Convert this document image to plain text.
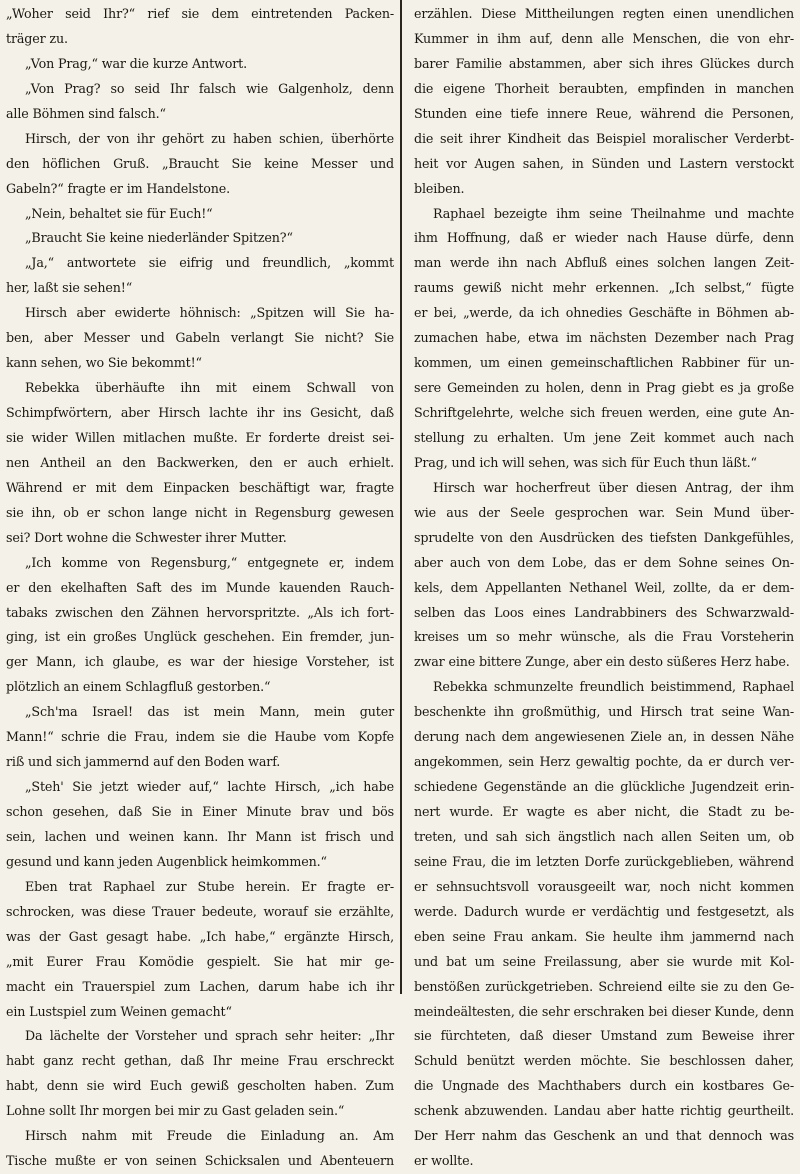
„Woher seid Ihr?“ rief sie dem eintretenden Packen-
träger zu.
„Von Prag,“ war die kurze Antwort.
„Von Prag? so seid Ihr falsch wie Galgenholz, denn
alle Böhmen sind falsch.“
Hirsch, der von ihr gehört zu haben schien, überhörte
den höflichen Gruß. „Braucht Sie keine Messer und
Gabeln?“ fragte er im Handelstone.
„Nein, behaltet sie für Euch!“
„Braucht Sie keine niederländer Spitzen?“
„Ja,“ antwortete sie eifrig und freundlich, „kommt
her, laßt sie sehen!“
Hirsch aber ewiderte höhnisch: „Spitzen will Sie ha-
ben, aber Messer und Gabeln verlangt Sie nicht? Sie
kann sehen, wo Sie bekommt!“
Rebekka überhäufte ihn mit einem Schwall von
Schimpfwörtern, aber Hirsch lachte ihr ins Gesicht, daß
sie wider Willen mitlachen mußte. Er forderte dreist sei-
nen Antheil an den Backwerken, den er auch erhielt.
Während er mit dem Einpacken beschäftigt war, fragte
sie ihn, ob er schon lange nicht in Regensburg gewesen
sei? Dort wohne die Schwester ihrer Mutter.
„Ich komme von Regensburg,“ entgegnete er, indem
er den ekelhaften Saft des im Munde kauenden Rauch-
tabaks zwischen den Zähnen hervorspritzte. „Als ich fort-
ging, ist ein großes Unglück geschehen. Ein fremder, jun-
ger Mann, ich glaube, es war der hiesige Vorsteher, ist
plötzlich an einem Schlagfluß gestorben.“
„Sch'ma Israel! das ist mein Mann, mein guter
Mann!“ schrie die Frau, indem sie die Haube vom Kopfe
riß und sich jammernd auf den Boden warf.
„Steh' Sie jetzt wieder auf,“ lachte Hirsch, „ich habe
schon gesehen, daß Sie in Einer Minute brav und bös
sein, lachen und weinen kann. Ihr Mann ist frisch und
gesund und kann jeden Augenblick heimkommen.“
Eben trat Raphael zur Stube herein. Er fragte er-
schrocken, was diese Trauer bedeute, worauf sie erzählte,
was der Gast gesagt habe. „Ich habe,“ ergänzte Hirsch,
„mit Eurer Frau Komödie gespielt. Sie hat mir ge-
macht ein Trauerspiel zum Lachen, darum habe ich ihr
ein Lustspiel zum Weinen gemacht“
Da lächelte der Vorsteher und sprach sehr heiter: „Ihr
habt ganz recht gethan, daß Ihr meine Frau erschreckt
habt, denn sie wird Euch gewiß gescholten haben. Zum
Lohne sollt Ihr morgen bei mir zu Gast geladen sein.“
Hirsch nahm mit Freude die Einladung an. Am
Tische mußte er von seinen Schicksalen und Abenteuern
erzählen. Diese Mittheilungen regten einen unendlichen
Kummer in ihm auf, denn alle Menschen, die von ehr-
barer Familie abstammen, aber sich ihres Glückes durch
die eigene Thorheit beraubten, empfinden in manchen
Stunden eine tiefe innere Reue, während die Personen,
die seit ihrer Kindheit das Beispiel moralischer Verderbt-
heit vor Augen sahen, in Sünden und Lastern verstockt
bleiben.
Raphael bezeigte ihm seine Theilnahme und machte
ihm Hoffnung, daß er wieder nach Hause dürfe, denn
man werde ihn nach Abfluß eines solchen langen Zeit-
raums gewiß nicht mehr erkennen. „Ich selbst,“ fügte
er bei, „werde, da ich ohnedies Geschäfte in Böhmen ab-
zumachen habe, etwa im nächsten Dezember nach Prag
kommen, um einen gemeinschaftlichen Rabbiner für un-
sere Gemeinden zu holen, denn in Prag giebt es ja große
Schriftgelehrte, welche sich freuen werden, eine gute An-
stellung zu erhalten. Um jene Zeit kommet auch nach
Prag, und ich will sehen, was sich für Euch thun läßt.“
Hirsch war hocherfreut über diesen Antrag, der ihm
wie aus der Seele gesprochen war. Sein Mund über-
sprudelte von den Ausdrücken des tiefsten Dankgefühles,
aber auch von dem Lobe, das er dem Sohne seines On-
kels, dem Appellanten Nethanel Weil, zollte, da er dem-
selben das Loos eines Landrabbiners des Schwarzwald-
kreises um so mehr wünsche, als die Frau Vorsteherin
zwar eine bittere Zunge, aber ein desto süßeres Herz habe.
Rebekka schmunzelte freundlich beistimmend, Raphael
beschenkte ihn großmüthig, und Hirsch trat seine Wan-
derung nach dem angewiesenen Ziele an, in dessen Nähe
angekommen, sein Herz gewaltig pochte, da er durch ver-
schiedene Gegenstände an die glückliche Jugendzeit erin-
nert wurde. Er wagte es aber nicht, die Stadt zu be-
treten, und sah sich ängstlich nach allen Seiten um, ob
seine Frau, die im letzten Dorfe zurückgeblieben, während
er sehnsuchtsvoll vorausgeeilt war, noch nicht kommen
werde. Dadurch wurde er verdächtig und festgesetzt, als
eben seine Frau ankam. Sie heulte ihm jammernd nach
und bat um seine Freilassung, aber sie wurde mit Kol-
benstößen zurückgetrieben. Schreiend eilte sie zu den Ge-
meindeältesten, die sehr erschraken bei dieser Kunde, denn
sie fürchteten, daß dieser Umstand zum Beweise ihrer
Schuld benützt werden möchte. Sie beschlossen daher,
die Ungnade des Machthabers durch ein kostbares Ge-
schenk abzuwenden. Landau aber hatte richtig geurtheilt.
Der Herr nahm das Geschenk an und that dennoch was
er wollte.
